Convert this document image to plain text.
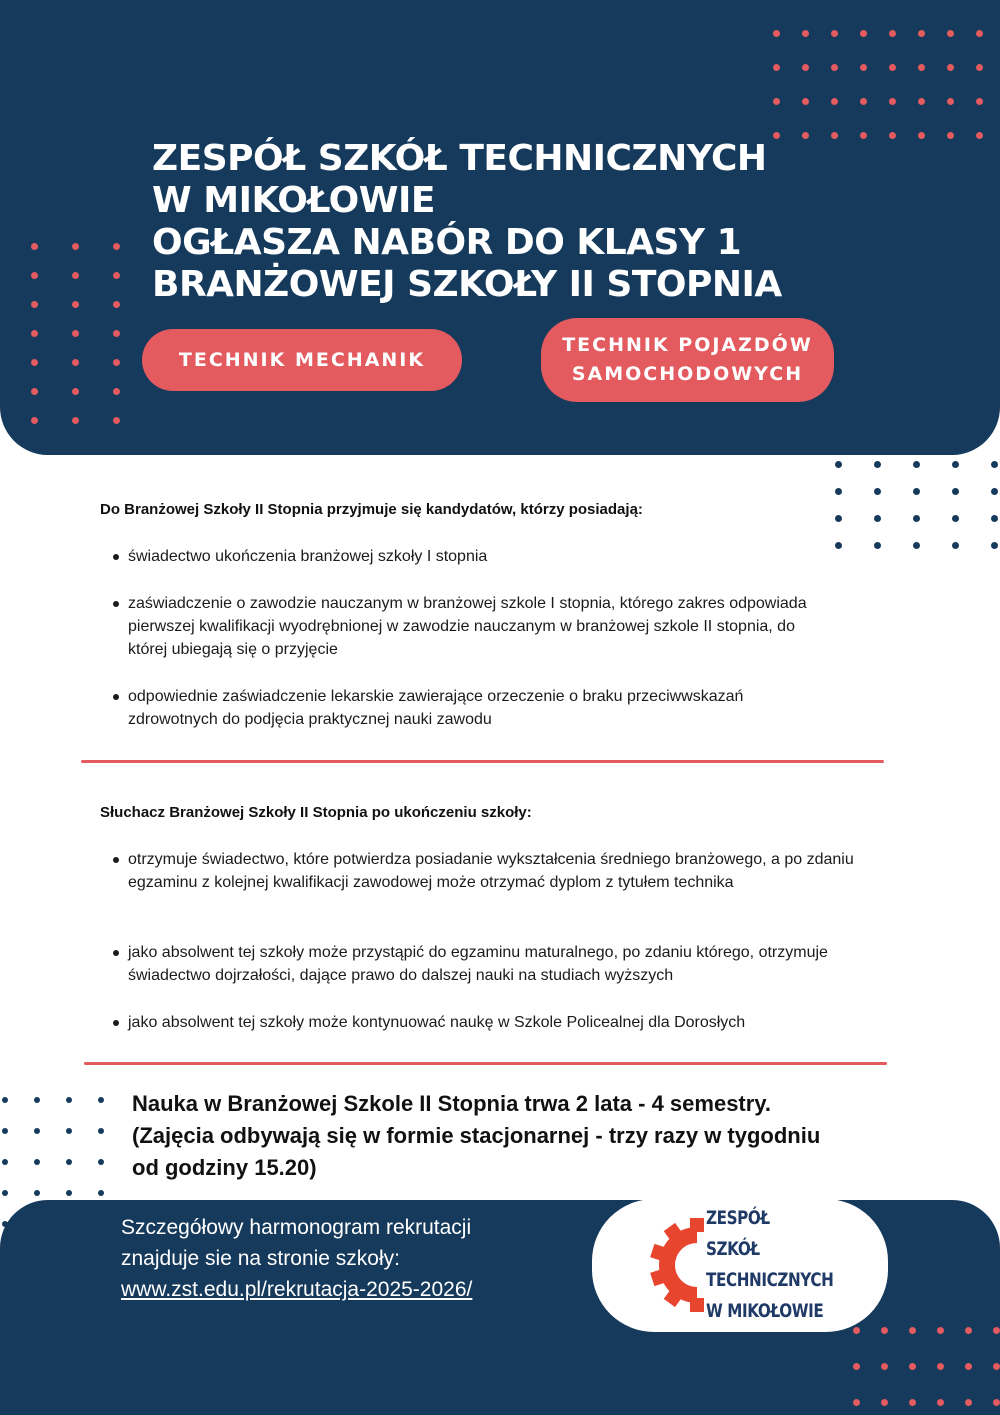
ZESPÓŁ SZKÓŁ TECHNICZNYCH
W MIKOŁOWIE
OGŁASZA NABÓR DO KLASY 1
BRANŻOWEJ SZKOŁY II STOPNIA
TECHNIK MECHANIK
TECHNIK POJAZDÓW
SAMOCHODOWYCH
Do Branżowej Szkoły II Stopnia przyjmuje się kandydatów, którzy posiadają:
świadectwo ukończenia branżowej szkoły I stopnia
zaświadczenie o zawodzie nauczanym w branżowej szkole I stopnia, którego zakres odpowiada pierwszej kwalifikacji wyodrębnionej w zawodzie nauczanym w branżowej szkole II stopnia, do której ubiegają się o przyjęcie
odpowiednie zaświadczenie lekarskie zawierające orzeczenie o braku przeciwwskazań zdrowotnych do podjęcia praktycznej nauki zawodu
Słuchacz Branżowej Szkoły II Stopnia po ukończeniu szkoły:
otrzymuje świadectwo, które potwierdza posiadanie wykształcenia średniego branżowego, a po zdaniu egzaminu z kolejnej kwalifikacji zawodowej może otrzymać dyplom z tytułem technika
jako absolwent tej szkoły może przystąpić do egzaminu maturalnego, po zdaniu którego, otrzymuje świadectwo dojrzałości, dające prawo do dalszej nauki na studiach wyższych
jako absolwent tej szkoły może kontynuować naukę w Szkole Policealnej dla Dorosłych
Nauka w Branżowej Szkole II Stopnia trwa 2 lata - 4 semestry.
(Zajęcia odbywają się w formie stacjonarnej - trzy razy w tygodniu
od godziny 15.20)
Szczegółowy harmonogram rekrutacji
znajduje sie na stronie szkoły:
www.zst.edu.pl/rekrutacja-2025-2026/
ZESPÓŁ
SZKÓŁ
TECHNICZNYCH
W MIKOŁOWIE
